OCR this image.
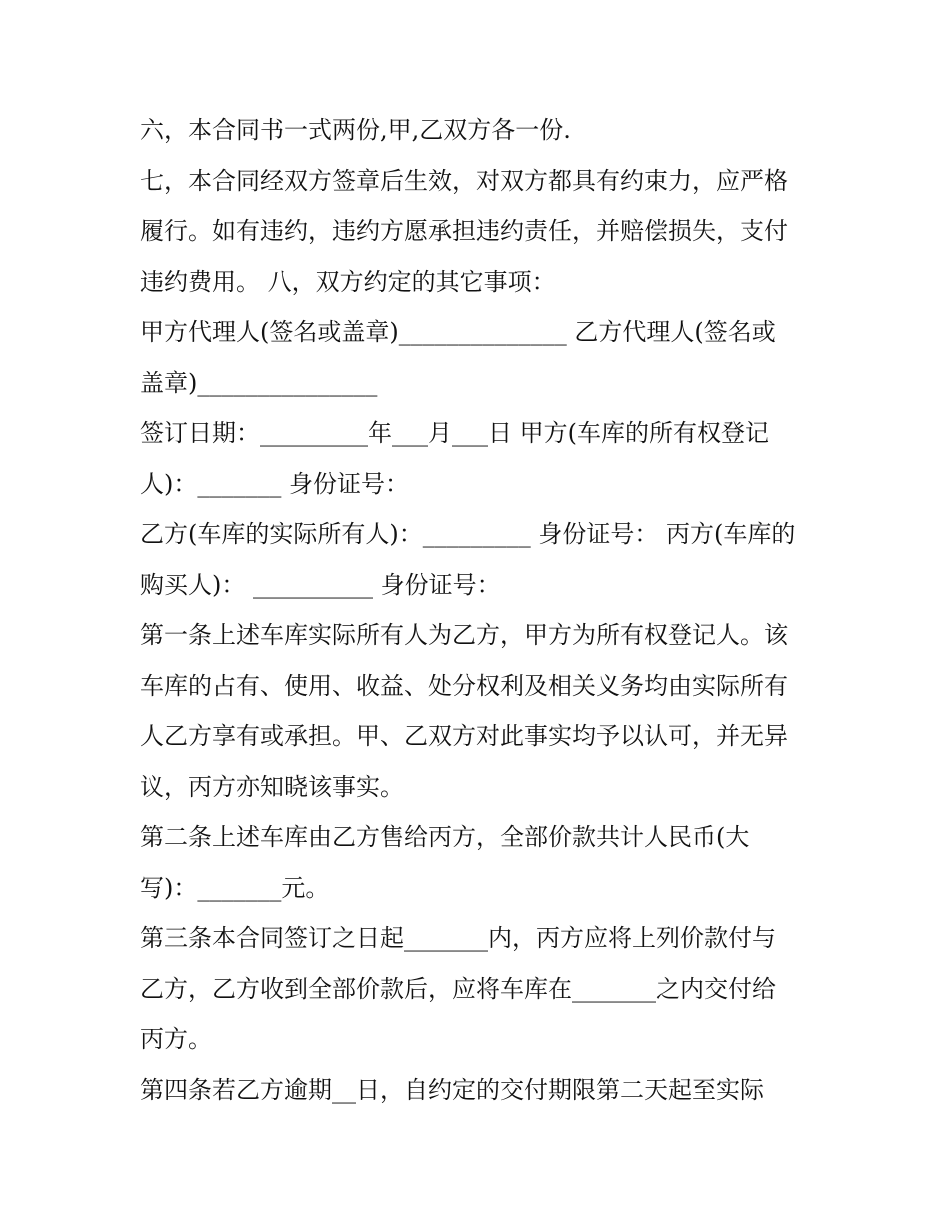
六，本合同书一式两份,甲,乙双方各一份.
七，本合同经双方签章后生效，对双方都具有约束力，应严格
履行。如有违约，违约方愿承担违约责任，并赔偿损失，支付
违约费用。 八，双方约定的其它事项：
甲方代理人(签名或盖章)______________ 乙方代理人(签名或
盖章)_______________
签订日期：_________年___月___日 甲方(车库的所有权登记
人)：_______ 身份证号：
乙方(车库的实际所有人)：_________ 身份证号： 丙方(车库的
购买人)： __________ 身份证号：
第一条上述车库实际所有人为乙方，甲方为所有权登记人。该
车库的占有、使用、收益、处分权利及相关义务均由实际所有
人乙方享有或承担。甲、乙双方对此事实均予以认可，并无异
议，丙方亦知晓该事实。
第二条上述车库由乙方售给丙方，全部价款共计人民币(大
写)：_______元。
第三条本合同签订之日起_______内，丙方应将上列价款付与
乙方，乙方收到全部价款后，应将车库在_______之内交付给
丙方。
第四条若乙方逾期__日，自约定的交付期限第二天起至实际
